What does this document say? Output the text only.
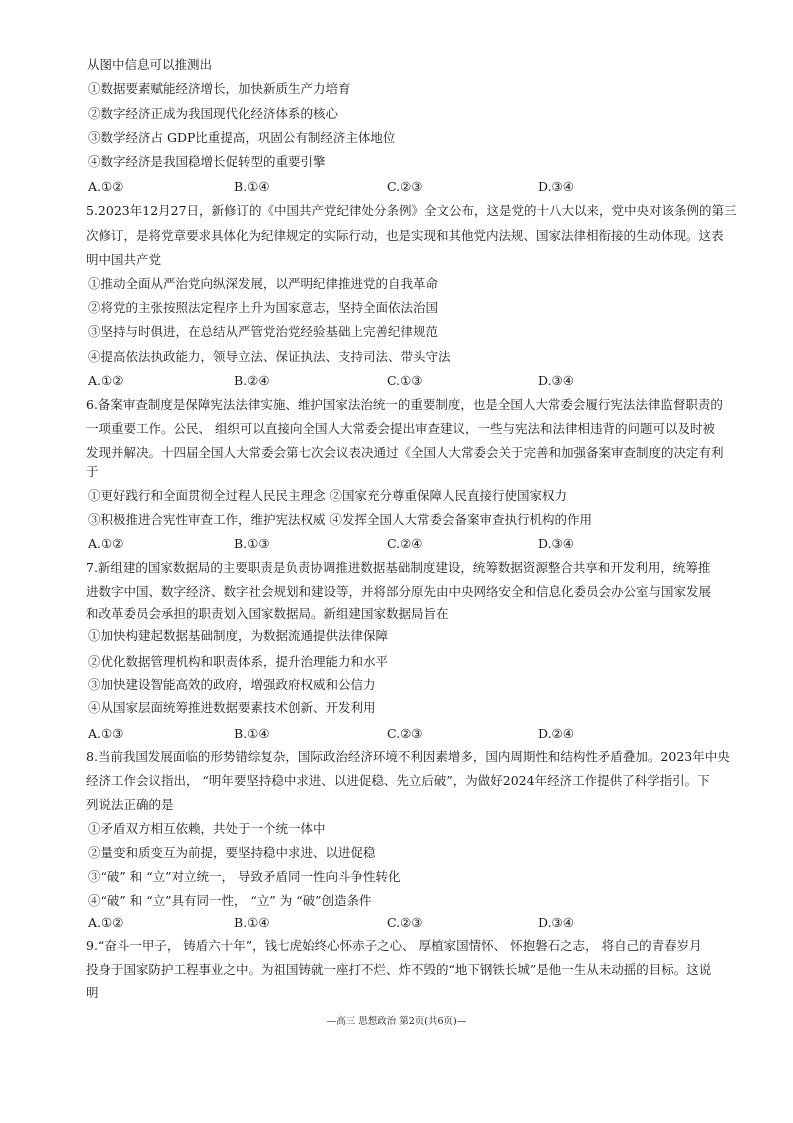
从图中信息可以推测出
①数据要素赋能经济增长，加快新质生产力培育
②数字经济正成为我国现代化经济体系的核心
③数学经济占 GDP比重提高，巩固公有制经济主体地位
④数字经济是我国稳增长促转型的重要引擎
A.①②	B.①④	C.②③	D.③④
5.2023年12月27日，新修订的《中国共产党纪律处分条例》全文公布，这是党的十八大以来，党中央对该条例的第三
次修订，是将党章要求具体化为纪律规定的实际行动，也是实现和其他党内法规、国家法律相衔接的生动体现。这表
明中国共产党
①推动全面从严治党向纵深发展，以严明纪律推进党的自我革命
②将党的主张按照法定程序上升为国家意志，坚持全面依法治国
③坚持与时俱进，在总结从严管党治党经验基础上完善纪律规范
④提高依法执政能力，领导立法、保证执法、支持司法、带头守法
A.①②	B.②④	C.①③	D.③④
6.备案审查制度是保障宪法法律实施、维护国家法治统一的重要制度，也是全国人大常委会履行宪法法律监督职责的
一项重要工作。公民、 组织可以直接向全国人大常委会提出审查建议，一些与宪法和法律相违背的问题可以及时被
发现并解决。十四届全国人大常委会第七次会议表决通过《全国人大常委会关于完善和加强备案审查制度的决定有利
于
①更好践行和全面贯彻全过程人民民主理念 ②国家充分尊重保障人民直接行使国家权力
③积极推进合宪性审查工作，维护宪法权威 ④发挥全国人大常委会备案审查执行机构的作用
A.①②	B.①③	C.②④	D.③④
7.新组建的国家数据局的主要职责是负责协调推进数据基础制度建设，统筹数据资源整合共享和开发利用，统筹推
进数字中国、数字经济、数字社会规划和建设等，并将部分原先由中央网络安全和信息化委员会办公室与国家发展
和改革委员会承担的职责划入国家数据局。新组建国家数据局旨在
①加快构建起数据基础制度，为数据流通提供法律保障
②优化数据管理机构和职责体系，提升治理能力和水平
③加快建设智能高效的政府，增强政府权威和公信力
④从国家层面统筹推进数据要素技术创新、开发利用
A.①③	B.①④	C.②③	D.②④
8.当前我国发展面临的形势错综复杂，国际政治经济环境不利因素增多，国内周期性和结构性矛盾叠加。2023年中央
经济工作会议指出， “明年要坚持稳中求进、以进促稳、先立后破”，为做好2024年经济工作提供了科学指引。下
列说法正确的是
①矛盾双方相互依赖，共处于一个统一体中
②量变和质变互为前提，要坚持稳中求进、以进促稳
③“破” 和 “立”对立统一， 导致矛盾同一性向斗争性转化
④“破” 和 “立”具有同一性， “立” 为 “破”创造条件
A.①②	B.①④	C.②③	D.③④
9.“奋斗一甲子， 铸盾六十年”，钱七虎始终心怀赤子之心、 厚植家国情怀、 怀抱磐石之志， 将自己的青春岁月
投身于国家防护工程事业之中。为祖国铸就一座打不烂、炸不毁的“地下钢铁长城”是他一生从未动摇的目标。这说
明
—高三 思想政治 第2页(共6页)—
